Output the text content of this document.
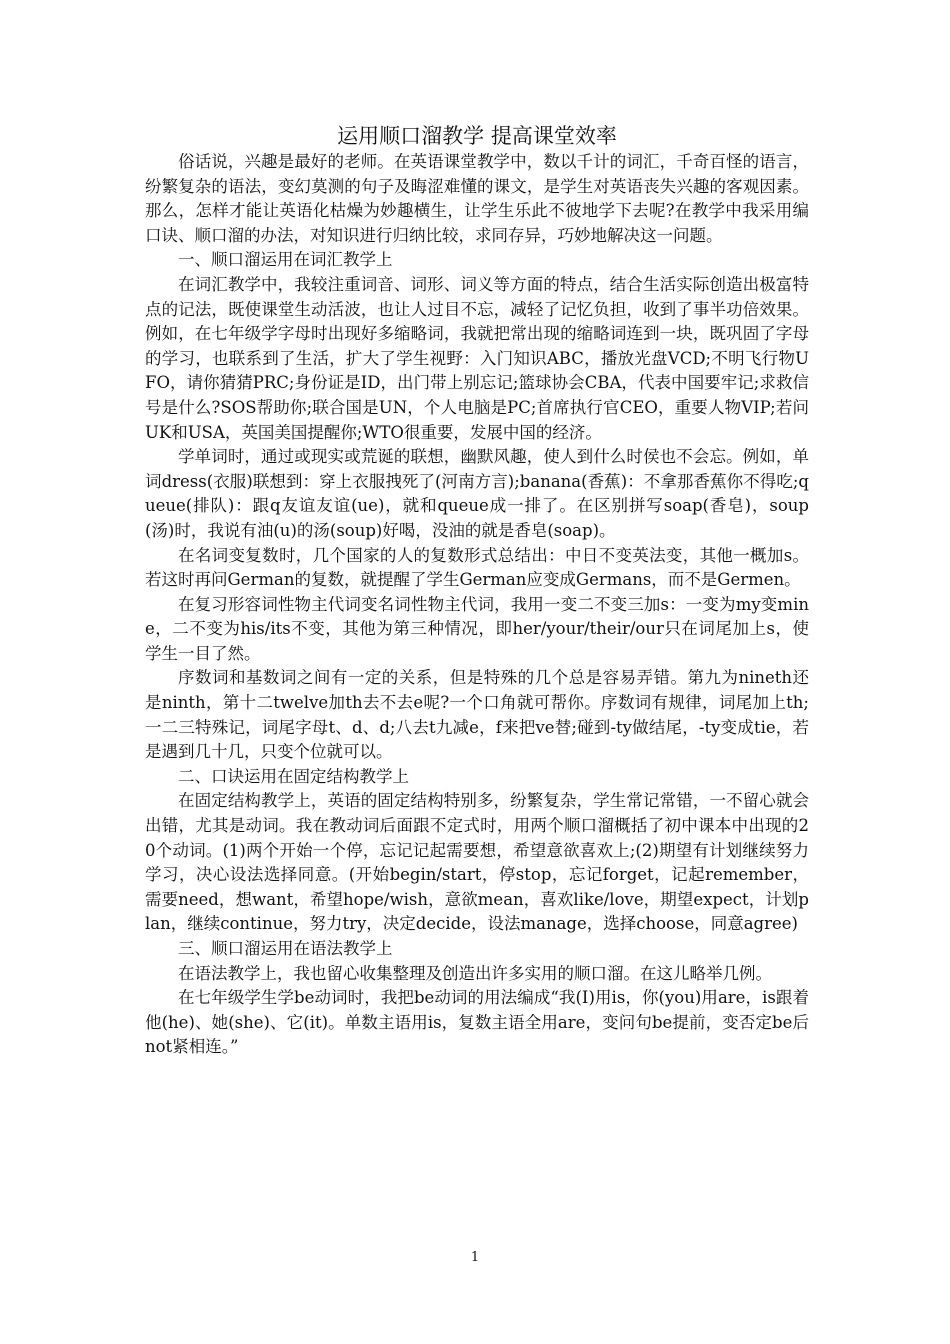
运用顺口溜教学 提高课堂效率

俗话说，兴趣是最好的老师。在英语课堂教学中，数以千计的词汇，千奇百怪的语言，纷繁复杂的语法，变幻莫测的句子及晦涩难懂的课文，是学生对英语丧失兴趣的客观因素。那么，怎样才能让英语化枯燥为妙趣横生，让学生乐此不彼地学下去呢?在教学中我采用编口诀、顺口溜的办法，对知识进行归纳比较，求同存异，巧妙地解决这一问题。

一、顺口溜运用在词汇教学上

在词汇教学中，我较注重词音、词形、词义等方面的特点，结合生活实际创造出极富特点的记法，既使课堂生动活波，也让人过目不忘，减轻了记忆负担，收到了事半功倍效果。例如，在七年级学字母时出现好多缩略词，我就把常出现的缩略词连到一块，既巩固了字母的学习，也联系到了生活，扩大了学生视野：入门知识ABC，播放光盘VCD;不明飞行物UFO，请你猜猜PRC;身份证是ID，出门带上别忘记;篮球协会CBA，代表中国要牢记;求救信号是什么?SOS帮助你;联合国是UN，个人电脑是PC;首席执行官CEO，重要人物VIP;若问UK和USA，英国美国提醒你;WTO很重要，发展中国的经济。

学单词时，通过或现实或荒诞的联想，幽默风趣，使人到什么时侯也不会忘。例如，单词dress(衣服)联想到：穿上衣服拽死了(河南方言);banana(香蕉)：不拿那香蕉你不得吃;queue(排队)：跟q友谊友谊(ue)，就和queue成一排了。在区别拼写soap(香皂)，soup(汤)时，我说有油(u)的汤(soup)好喝，没油的就是香皂(soap)。

在名词变复数时，几个国家的人的复数形式总结出：中日不变英法变，其他一概加s。若这时再问German的复数，就提醒了学生German应变成Germans，而不是Germen。

在复习形容词性物主代词变名词性物主代词，我用一变二不变三加s：一变为my变mine，二不变为his/its不变，其他为第三种情况，即her/your/their/our只在词尾加上s，使学生一目了然。

序数词和基数词之间有一定的关系，但是特殊的几个总是容易弄错。第九为nineth还是ninth，第十二twelve加th去不去e呢?一个口角就可帮你。序数词有规律，词尾加上th;一二三特殊记，词尾字母t、d、d;八去t九减e，f来把ve替;碰到-ty做结尾，-ty变成tie，若是遇到几十几，只变个位就可以。

二、口诀运用在固定结构教学上

在固定结构教学上，英语的固定结构特别多，纷繁复杂，学生常记常错，一不留心就会出错，尤其是动词。我在教动词后面跟不定式时，用两个顺口溜概括了初中课本中出现的20个动词。(1)两个开始一个停，忘记记起需要想，希望意欲喜欢上;(2)期望有计划继续努力学习，决心设法选择同意。(开始begin/start，停stop，忘记forget，记起remember，需要need，想want，希望hope/wish，意欲mean，喜欢like/love，期望expect，计划plan，继续continue，努力try，决定decide，设法manage，选择choose，同意agree)

三、顺口溜运用在语法教学上

在语法教学上，我也留心收集整理及创造出许多实用的顺口溜。在这儿略举几例。

在七年级学生学be动词时，我把be动词的用法编成“我(I)用is，你(you)用are，is跟着他(he)、她(she)、它(it)。单数主语用is，复数主语全用are，变问句be提前，变否定be后not紧相连。”

1
